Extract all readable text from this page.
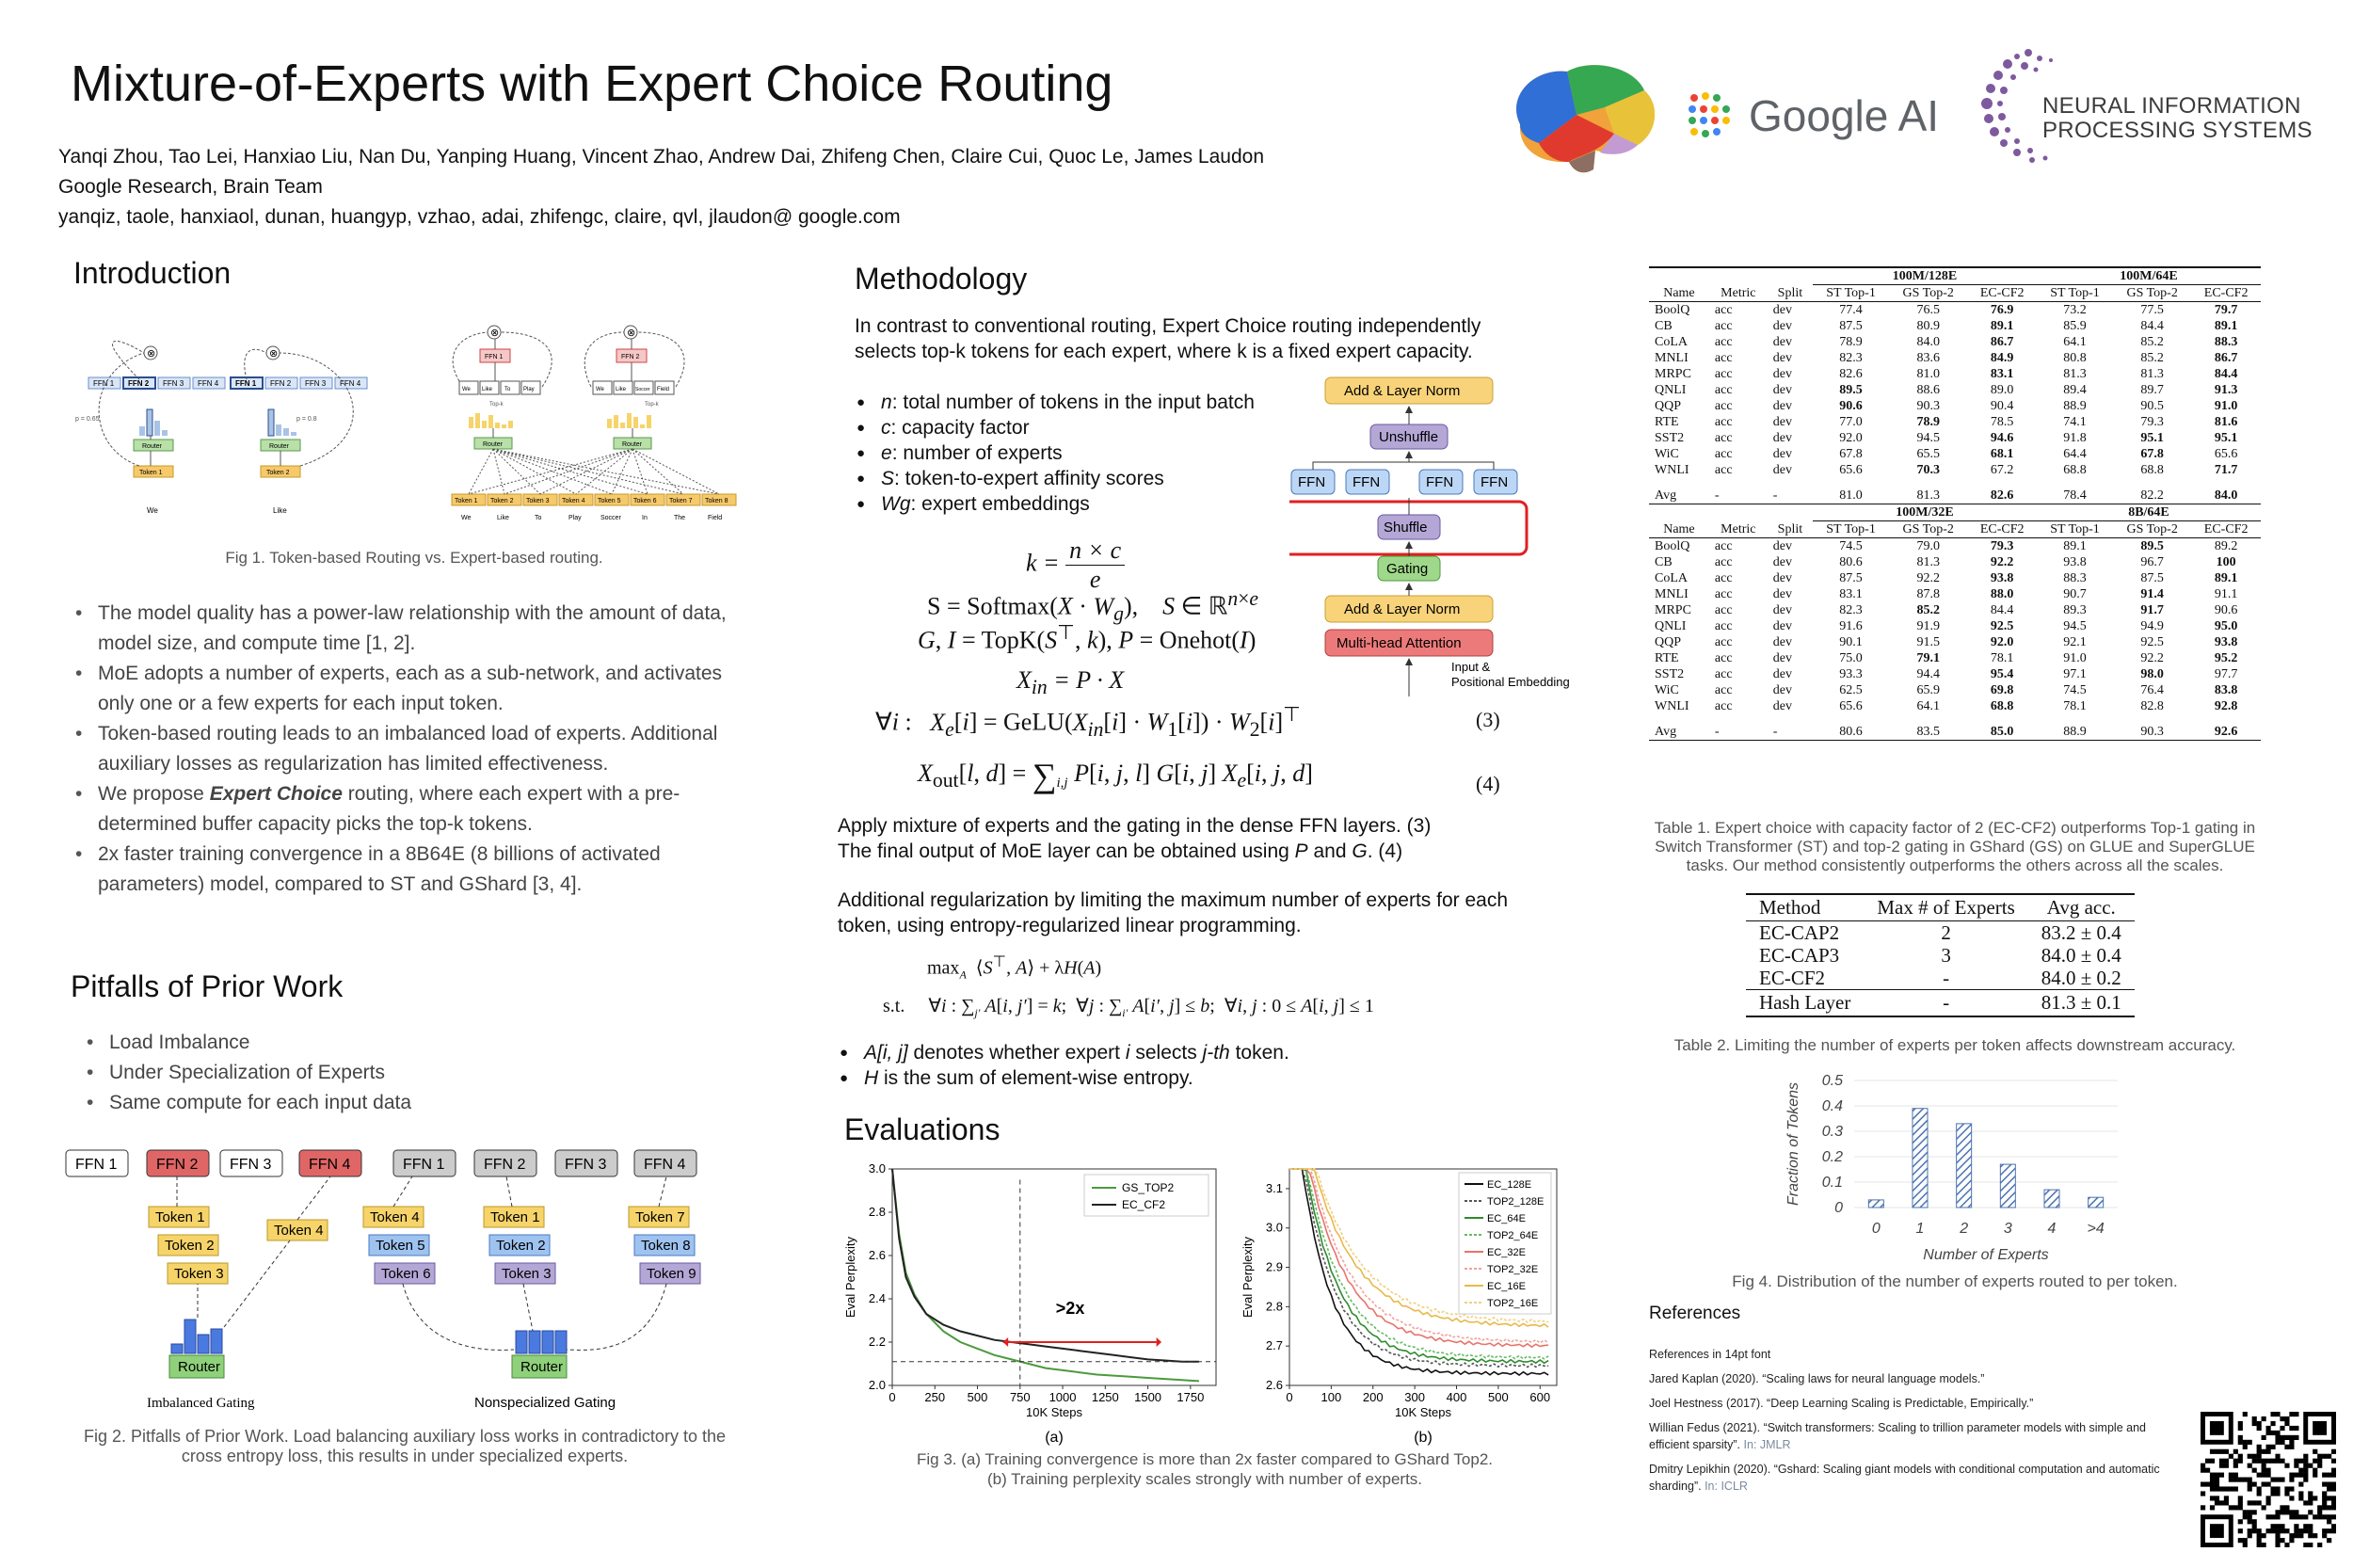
Mixture-of-Experts with Expert Choice Routing
Yanqi Zhou, Tao Lei, Hanxiao Liu, Nan Du, Yanping Huang, Vincent Zhao, Andrew Dai, Zhifeng Chen, Claire Cui, Quoc Le, James Laudon
Google Research, Brain Team
yanqiz, taole, hanxiaol, dunan, huangyp, vzhao, adai, zhifengc, claire, qvl, jlaudon@ google.com
Google AI	NEURAL INFORMATION
PROCESSING SYSTEMS
Introduction
⊗
FFN 1 FFN 2 FFN 3 FFN 4
p = 0.65
Router
Token 1
We
⊗
FFN 1 FFN 2 FFN 3 FFN 4
p = 0.8
Router
Token 2
Like
⊗	⊗
FFN 1	FFN 2
We Like To Play
Top-k
We Like Soccer Field
Top-k
Router	Router
Token 1 Token 2 Token 3 Token 4 Token 5 Token 6 Token 7 Token 8
We	Like	To	Play	Soccer	In	The	Field
Fig 1. Token-based Routing vs. Expert-based routing.
• The model quality has a power-law relationship with the amount of data, model size, and compute time [1, 2].
• MoE adopts a number of experts, each as a sub-network, and activates only one or a few experts for each input token.
• Token-based routing leads to an imbalanced load of experts. Additional auxiliary losses as regularization has limited effectiveness.
• We propose Expert Choice routing, where each expert with a pre-determined buffer capacity picks the top-k tokens.
• 2x faster training convergence in a 8B64E (8 billions of activated parameters) model, compared to ST and GShard [3, 4].
Pitfalls of Prior Work
• Load Imbalance
• Under Specialization of Experts
• Same compute for each input data
FFN 1	FFN 2 FFN 3 FFN 4	FFN 1	FFN 2	FFN 3 FFN 4
Token 1
Token 2
Token 3
Token 4
Token 4
Token 5
Token 6
Token 1
Token 2
Token 3
Token 7
Token 8
Token 9
Router	Router
Imbalanced Gating	Nonspecialized Gating
Fig 2. Pitfalls of Prior Work. Load balancing auxiliary loss works in contradictory to the cross entropy loss, this results in under specialized experts.
Methodology
In contrast to conventional routing, Expert Choice routing independently selects top-k tokens for each expert, where k is a fixed expert capacity.
● n: total number of tokens in the input batch
● c: capacity factor
● e: number of experts
● S: token-to-expert affinity scores
● Wg: expert embeddings
Add & Layer Norm
Unshuffle
FFN FFN	FFN FFN
Shuffle
Gating
Add & Layer Norm
Multi-head Attention
Input &
Positional Embedding
$k = \frac{n \times c}{e}$
S = Softmax(X · $W_g$),    S ∈ ℝ$^{n\times e}$
G, I = TopK(S⊤, k), P = Onehot(I)
$X_{in} = P \cdot X$
∀i :   $X_e[i]$ = $GeLU(X_{in}[i] \cdot W_1[i]) \cdot W_2[i]^⊤$	(3)
$X_{out}[l$, $d] = \sum_{i,j}$ P[i, j, l] G[i, j] $X_e[i$, j, d]	(4)
Apply mixture of experts and the gating in the dense FFN layers. (3)
The final output of MoE layer can be obtained using P and G. (4)
Additional regularization by limiting the maximum number of experts for each token, using entropy-regularized linear programming.
$\max_A$  ⟨S⊤, A⟩ + λH(A)
s.t.     ∀i : $\sum_{j'}$ A[i, j′] = k;  ∀j : $\sum_{i'}$ A[i′, j] ≤ b;  ∀i, j : 0 ≤ A[i, j] ≤ 1
● A[i, j] denotes whether expert i selects j-th token.
● H is the sum of element-wise entropy.
Evaluations
0 250 500 750 1000 1250 1500 1750
2.0
2.2
2.4
2.6
2.8
3.0
10K Steps
Eval Perplexity	>2x
GS_TOP2
EC_CF2
(a)
0 100 200 300 400 500 600
2.6
2.7
2.8
2.9
3.0
3.1
10K Steps
Eval Perplexity
EC_128E
TOP2_128E
EC_64E
TOP2_64E
EC_32E
TOP2_32E
EC_16E
TOP2_16E
(b)
Fig 3. (a) Training convergence is more than 2x faster compared to GShard Top2.
(b) Training perplexity scales strongly with number of experts.
			100M/128E			100M/64E		
Name	Metric	Split	ST Top-1	GS Top-2	EC-CF2	ST Top-1	GS Top-2	EC-CF2
BoolQ	acc	dev	77.4	76.5	76.9	73.2	77.5	79.7
CB	acc	dev	87.5	80.9	89.1	85.9	84.4	89.1
CoLA	acc	dev	78.9	84.0	86.7	64.1	85.2	88.3
MNLI	acc	dev	82.3	83.6	84.9	80.8	85.2	86.7
MRPC	acc	dev	82.6	81.0	83.1	81.3	81.3	84.4
QNLI	acc	dev	89.5	88.6	89.0	89.4	89.7	91.3
QQP	acc	dev	90.6	90.3	90.4	88.9	90.5	91.0
RTE	acc	dev	77.0	78.9	78.5	74.1	79.3	81.6
SST2	acc	dev	92.0	94.5	94.6	91.8	95.1	95.1
WiC	acc	dev	67.8	65.5	68.1	64.4	67.8	65.6
WNLI	acc	dev	65.6	70.3	67.2	68.8	68.8	71.7

Avg	-	-	81.0	81.3	82.6	78.4	82.2	84.0
			100M/32E			8B/64E		
Name	Metric	Split	ST Top-1	GS Top-2	EC-CF2	ST Top-1	GS Top-2	EC-CF2
BoolQ	acc	dev	74.5	79.0	79.3	89.1	89.5	89.2
CB	acc	dev	80.6	81.3	92.2	93.8	96.7	100
CoLA	acc	dev	87.5	92.2	93.8	88.3	87.5	89.1
MNLI	acc	dev	83.1	87.8	88.0	90.7	91.4	91.1
MRPC	acc	dev	82.3	85.2	84.4	89.3	91.7	90.6
QNLI	acc	dev	91.6	91.9	92.5	94.5	94.9	95.0
QQP	acc	dev	90.1	91.5	92.0	92.1	92.5	93.8
RTE	acc	dev	75.0	79.1	78.1	91.0	92.2	95.2
SST2	acc	dev	93.3	94.4	95.4	97.1	98.0	97.7
WiC	acc	dev	62.5	65.9	69.8	74.5	76.4	83.8
WNLI	acc	dev	65.6	64.1	68.8	78.1	82.8	92.8

Avg	-	-	80.6	83.5	85.0	88.9	90.3	92.6
Table 1. Expert choice with capacity factor of 2 (EC-CF2) outperforms Top-1 gating in Switch Transformer (ST) and top-2 gating in GShard (GS) on GLUE and SuperGLUE tasks. Our method consistently outperforms the others across all the scales.
Method	Max # of Experts	Avg acc.
EC-CAP2	2	83.2 ± 0.4
EC-CAP3	3	84.0 ± 0.4
EC-CF2	-	84.0 ± 0.2
Hash Layer	-	81.3 ± 0.1
Table 2. Limiting the number of experts per token affects downstream accuracy.
0
0.1
0.2
0.3
0.4
0.5
0 1 2 3 4 >4
Number of Experts
Fraction of Tokens
Fig 4. Distribution of the number of experts routed to per token.
References
References in 14pt font
Jared Kaplan (2020). “Scaling laws for neural language models.”
Joel Hestness (2017). “Deep Learning Scaling is Predictable, Empirically.”
Willian Fedus (2021). “Switch transformers: Scaling to trillion parameter models with simple and efficient sparsity”. In: JMLR
Dmitry Lepikhin (2020). “Gshard: Scaling giant models with conditional computation and automatic sharding”. In: ICLR
